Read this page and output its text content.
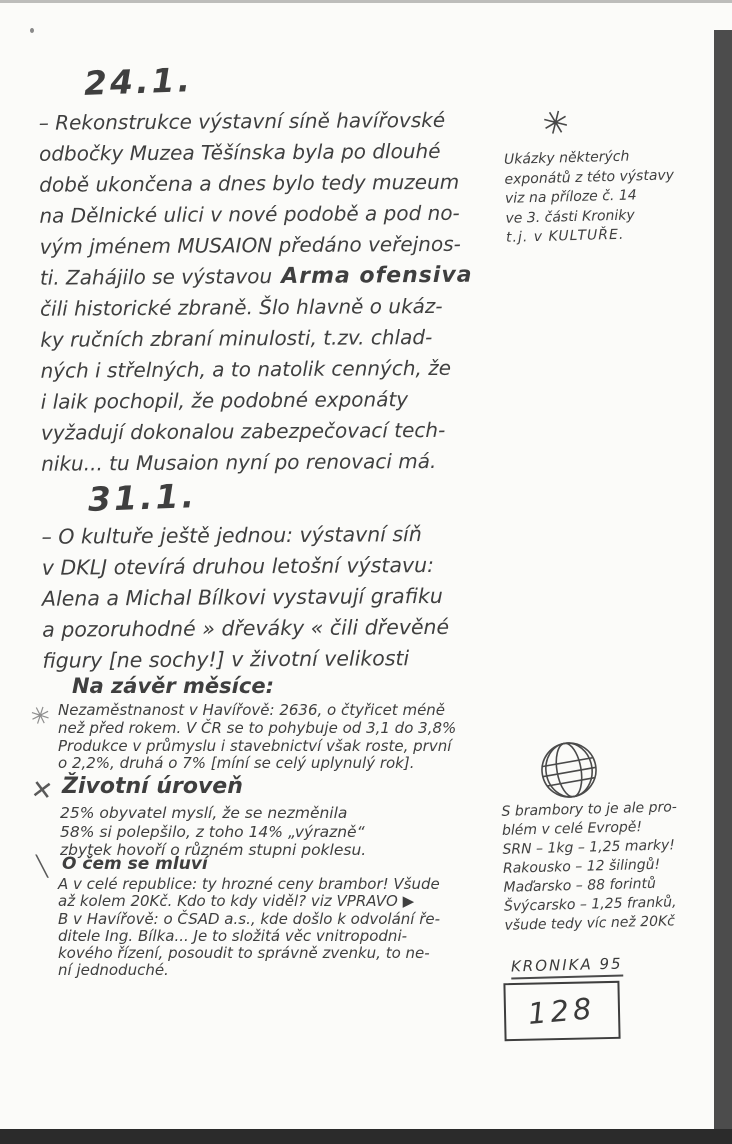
24.1.
– Rekonstrukce výstavní síně havířovské
odbočky Muzea Těšínska byla po dlouhé
době ukončena a dnes bylo tedy muzeum
na Dělnické ulici v nové podobě a pod no-
vým jménem MUSAION předáno veřejnos-
ti. Zahájilo se výstavou Arma ofensiva
čili historické zbraně. Šlo hlavně o ukáz-
ky ručních zbraní minulosti, t.zv. chlad-
ných i střelných, a to natolik cenných, že
i laik pochopil, že podobné exponáty
vyžadují dokonalou zabezpečovací tech-
niku... tu Musaion nyní po renovaci má.
31.1.
– O kultuře ještě jednou: výstavní síň
v DKLJ otevírá druhou letošní výstavu:
Alena a Michal Bílkovi vystavují grafiku
a pozoruhodné » dřeváky « čili dřevěné
figury [ne sochy!] v životní velikosti
Na závěr měsíce:
✳ Nezaměstnanost v Havířově: 2636, o čtyřicet méně
než před rokem. V ČR se to pohybuje od 3,1 do 3,8%
Produkce v průmyslu i stavebnictví však roste, první
o 2,2%, druhá o 7% [míní se celý uplynulý rok].
✕ Životní úroveň
25% obyvatel myslí, že se nezměnila
58% si polepšilo, z toho 14% „výrazně“
zbytek hovoří o různém stupni poklesu.
╲ O čem se mluví
A v celé republice: ty hrozné ceny brambor! Všude
až kolem 20Kč. Kdo to kdy viděl? viz VPRAVO ▶
B v Havířově: o ČSAD a.s., kde došlo k odvolání ře-
ditele Ing. Bílka... Je to složitá věc vnitropodni-
kového řízení, posoudit to správně zvenku, to ne-
ní jednoduché.
✳
Ukázky některých
exponátů z této výstavy
viz na příloze č. 14
ve 3. části Kroniky
t.j. v KULTUŘE.
S brambory to je ale pro-
blém v celé Evropě!
SRN – 1kg – 1,25 marky!
Rakousko – 12 šilingů!
Maďarsko – 88 forintů
Švýcarsko – 1,25 franků,
všude tedy víc než 20Kč
KRONIKA 95
128
